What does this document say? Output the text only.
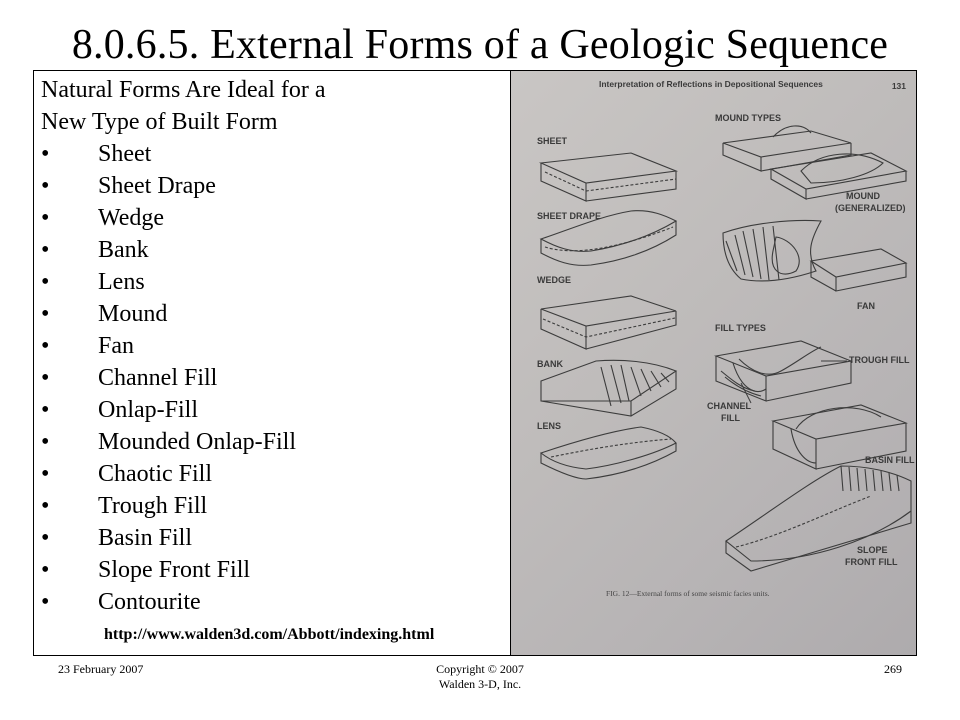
8.0.6.5. External Forms of a Geologic Sequence
Natural Forms Are Ideal for a
New Type of Built Form
• Sheet
• Sheet Drape
• Wedge
• Bank
• Lens
• Mound
• Fan
• Channel Fill
• Onlap-Fill
• Mounded Onlap-Fill
• Chaotic Fill
• Trough Fill
• Basin Fill
• Slope Front Fill
• Contourite
http://www.walden3d.com/Abbott/indexing.html
Interpretation of Reflections in Depositional Sequences	131
SHEET
SHEET DRAPE
WEDGE
BANK
LENS
MOUND TYPES
MOUND
(GENERALIZED)
FAN
FILL TYPES
TROUGH FILL
CHANNEL
FILL
BASIN FILL
SLOPE
FRONT FILL
FIG. 12—External forms of some seismic facies units.
23 February 2007	Copyright © 2007
Walden 3-D, Inc.
269
